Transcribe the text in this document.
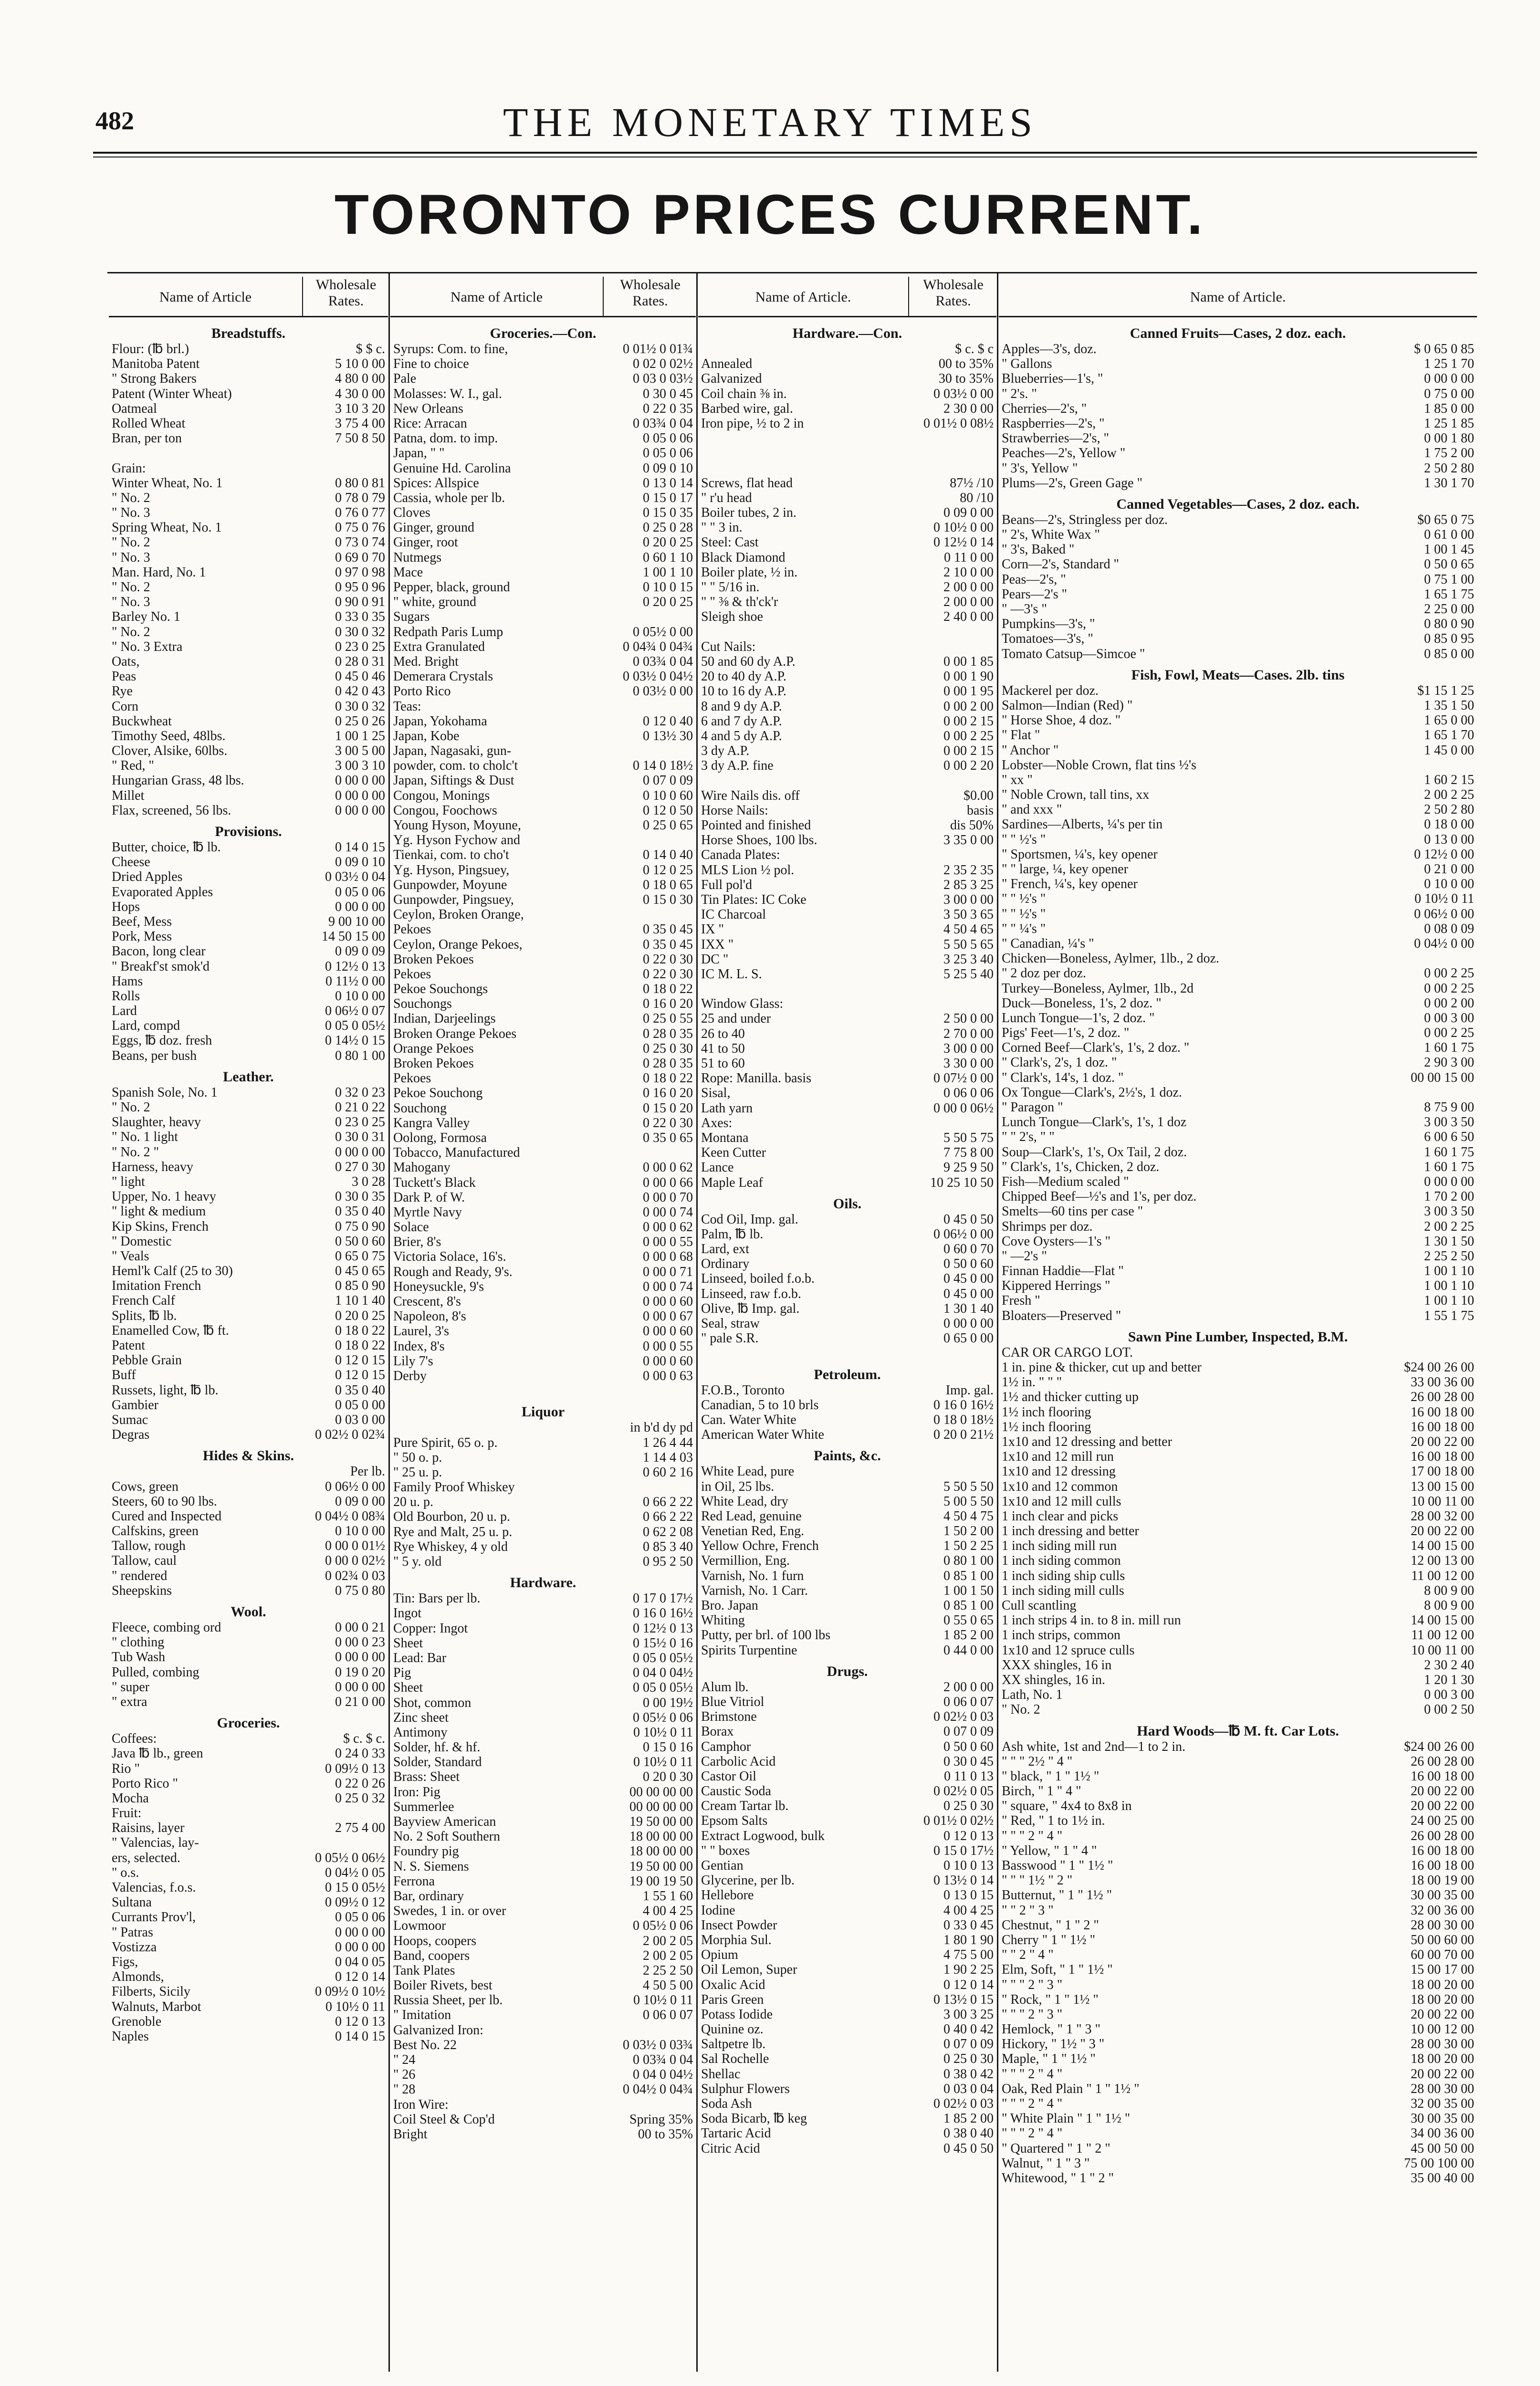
482	THE MONETARY TIMES
TORONTO PRICES CURRENT.
Name of Article
Wholesale Rates.
Breadstuffs.
Flour: (℔ brl.)	$ $ c.
Manitoba Patent	5 10 0 00
" Strong Bakers	4 80 0 00
Patent (Winter Wheat)	4 30 0 00
Oatmeal	3 10 3 20
Rolled Wheat	3 75 4 00
Bran, per ton	7 50 8 50
Grain:
Winter Wheat, No. 1	0 80 0 81
" No. 2	0 78 0 79
" No. 3	0 76 0 77
Spring Wheat, No. 1	0 75 0 76
" No. 2	0 73 0 74
" No. 3	0 69 0 70
Man. Hard, No. 1	0 97 0 98
" No. 2	0 95 0 96
" No. 3	0 90 0 91
Barley No. 1	0 33 0 35
" No. 2	0 30 0 32
" No. 3 Extra	0 23 0 25
Oats,	0 28 0 31
Peas	0 45 0 46
Rye	0 42 0 43
Corn	0 30 0 32
Buckwheat	0 25 0 26
Timothy Seed, 48lbs.	1 00 1 25
Clover, Alsike, 60lbs.	3 00 5 00
" Red, "	3 00 3 10
Hungarian Grass, 48 lbs.	0 00 0 00
Millet	0 00 0 00
Flax, screened, 56 lbs.	0 00 0 00
Provisions.
Butter, choice, ℔ lb.	0 14 0 15
Cheese	0 09 0 10
Dried Apples	0 03½ 0 04
Evaporated Apples	0 05 0 06
Hops	0 00 0 00
Beef, Mess	9 00 10 00
Pork, Mess	14 50 15 00
Bacon, long clear	0 09 0 09
" Breakf'st smok'd	0 12½ 0 13
Hams	0 11½ 0 00
Rolls	0 10 0 00
Lard	0 06½ 0 07
Lard, compd	0 05 0 05½
Eggs, ℔ doz. fresh	0 14½ 0 15
Beans, per bush	0 80 1 00
Leather.
Spanish Sole, No. 1	0 32 0 23
" No. 2	0 21 0 22
Slaughter, heavy	0 23 0 25
" No. 1 light	0 30 0 31
" No. 2 "	0 00 0 00
Harness, heavy	0 27 0 30
" light	3 0 28
Upper, No. 1 heavy	0 30 0 35
" light & medium	0 35 0 40
Kip Skins, French	0 75 0 90
" Domestic	0 50 0 60
" Veals	0 65 0 75
Heml'k Calf (25 to 30)	0 45 0 65
Imitation French	0 85 0 90
French Calf	1 10 1 40
Splits, ℔ lb.	0 20 0 25
Enamelled Cow, ℔ ft.	0 18 0 22
Patent	0 18 0 22
Pebble Grain	0 12 0 15
Buff	0 12 0 15
Russets, light, ℔ lb.	0 35 0 40
Gambier	0 05 0 00
Sumac	0 03 0 00
Degras	0 02½ 0 02¾
Hides & Skins.
Per lb.
Cows, green	0 06½ 0 00
Steers, 60 to 90 lbs.	0 09 0 00
Cured and Inspected	0 04½ 0 08¾
Calfskins, green	0 10 0 00
Tallow, rough	0 00 0 01½
Tallow, caul	0 00 0 02½
" rendered	0 02¾ 0 03
Sheepskins	0 75 0 80
Wool.
Fleece, combing ord	0 00 0 21
" clothing	0 00 0 23
Tub Wash	0 00 0 00
Pulled, combing	0 19 0 20
" super	0 00 0 00
" extra	0 21 0 00
Groceries.
Coffees:	$ c. $ c.
Java ℔ lb., green	0 24 0 33
Rio "	0 09½ 0 13
Porto Rico "	0 22 0 26
Mocha	0 25 0 32
Fruit:
Raisins, layer	2 75 4 00
" Valencias, lay-
ers, selected.	0 05½ 0 06½
" o.s.	0 04½ 0 05
Valencias, f.o.s.	0 15 0 05½
Sultana	0 09½ 0 12
Currants Prov'l,	0 05 0 06
" Patras	0 00 0 00
Vostizza	0 00 0 00
Figs,	0 04 0 05
Almonds,	0 12 0 14
Filberts, Sicily	0 09½ 0 10½
Walnuts, Marbot	0 10½ 0 11
Grenoble	0 12 0 13
Naples	0 14 0 15
Name of Article
Wholesale Rates.
Groceries.—Con.
Syrups: Com. to fine,	0 01½ 0 01¾
Fine to choice	0 02 0 02½
Pale	0 03 0 03½
Molasses: W. I., gal.	0 30 0 45
New Orleans	0 22 0 35
Rice: Arracan	0 03¾ 0 04
Patna, dom. to imp.	0 05 0 06
Japan, " "	0 05 0 06
Genuine Hd. Carolina	0 09 0 10
Spices: Allspice	0 13 0 14
Cassia, whole per lb.	0 15 0 17
Cloves	0 15 0 35
Ginger, ground	0 25 0 28
Ginger, root	0 20 0 25
Nutmegs	0 60 1 10
Mace	1 00 1 10
Pepper, black, ground	0 10 0 15
" white, ground	0 20 0 25
Sugars
Redpath Paris Lump	0 05½ 0 00
Extra Granulated	0 04¾ 0 04¾
Med. Bright	0 03¾ 0 04
Demerara Crystals	0 03½ 0 04½
Porto Rico	0 03½ 0 00
Teas:
Japan, Yokohama	0 12 0 40
Japan, Kobe	0 13½ 30
Japan, Nagasaki, gun-
powder, com. to cholc't	0 14 0 18½
Japan, Siftings & Dust	0 07 0 09
Congou, Monings	0 10 0 60
Congou, Foochows	0 12 0 50
Young Hyson, Moyune,	0 25 0 65
Yg. Hyson Fychow and
Tienkai, com. to cho't	0 14 0 40
Yg. Hyson, Pingsuey,	0 12 0 25
Gunpowder, Moyune	0 18 0 65
Gunpowder, Pingsuey,	0 15 0 30
Ceylon, Broken Orange,
Pekoes	0 35 0 45
Ceylon, Orange Pekoes,	0 35 0 45
Broken Pekoes	0 22 0 30
Pekoes	0 22 0 30
Pekoe Souchongs	0 18 0 22
Souchongs	0 16 0 20
Indian, Darjeelings	0 25 0 55
Broken Orange Pekoes	0 28 0 35
Orange Pekoes	0 25 0 30
Broken Pekoes	0 28 0 35
Pekoes	0 18 0 22
Pekoe Souchong	0 16 0 20
Souchong	0 15 0 20
Kangra Valley	0 22 0 30
Oolong, Formosa	0 35 0 65
Tobacco, Manufactured
Mahogany	0 00 0 62
Tuckett's Black	0 00 0 66
Dark P. of W.	0 00 0 70
Myrtle Navy	0 00 0 74
Solace	0 00 0 62
Brier, 8's	0 00 0 55
Victoria Solace, 16's.	0 00 0 68
Rough and Ready, 9's.	0 00 0 71
Honeysuckle, 9's	0 00 0 74
Crescent, 8's	0 00 0 60
Napoleon, 8's	0 00 0 67
Laurel, 3's	0 00 0 60
Index, 8's	0 00 0 55
Lily 7's	0 00 0 60
Derby	0 00 0 63
Liquor
in b'd dy pd
Pure Spirit, 65 o. p.	1 26 4 44
" 50 o. p.	1 14 4 03
" 25 u. p.	0 60 2 16
Family Proof Whiskey
20 u. p.	0 66 2 22
Old Bourbon, 20 u. p.	0 66 2 22
Rye and Malt, 25 u. p.	0 62 2 08
Rye Whiskey, 4 y old	0 85 3 40
" 5 y. old	0 95 2 50
Hardware.
Tin: Bars per lb.	0 17 0 17½
Ingot	0 16 0 16½
Copper: Ingot	0 12½ 0 13
Sheet	0 15½ 0 16
Lead: Bar	0 05 0 05½
Pig	0 04 0 04½
Sheet	0 05 0 05½
Shot, common	0 00 19½
Zinc sheet	0 05½ 0 06
Antimony	0 10½ 0 11
Solder, hf. & hf.	0 15 0 16
Solder, Standard	0 10½ 0 11
Brass: Sheet	0 20 0 30
Iron: Pig	00 00 00 00
Summerlee	00 00 00 00
Bayview American	19 50 00 00
No. 2 Soft Southern	18 00 00 00
Foundry pig	18 00 00 00
N. S. Siemens	19 50 00 00
Ferrona	19 00 19 50
Bar, ordinary	1 55 1 60
Swedes, 1 in. or over	4 00 4 25
Lowmoor	0 05½ 0 06
Hoops, coopers	2 00 2 05
Band, coopers	2 00 2 05
Tank Plates	2 25 2 50
Boiler Rivets, best	4 50 5 00
Russia Sheet, per lb.	0 10½ 0 11
" Imitation	0 06 0 07
Galvanized Iron:
Best No. 22	0 03½ 0 03¾
" 24	0 03¾ 0 04
" 26	0 04 0 04½
" 28	0 04½ 0 04¾
Iron Wire:
Coil Steel & Cop'd	Spring 35%
Bright	00 to 35%
Name of Article.
Wholesale Rates.
Hardware.—Con.
$ c. $ c
Annealed	00 to 35%
Galvanized	30 to 35%
Coil chain ⅜ in.	0 03½ 0 00
Barbed wire, gal.	2 30 0 00
Iron pipe, ½ to 2 in	0 01½ 0 08½
Screws, flat head	87½ /10
" r'u head	80 /10
Boiler tubes, 2 in.	0 09 0 00
" " 3 in.	0 10½ 0 00
Steel: Cast	0 12½ 0 14
Black Diamond	0 11 0 00
Boiler plate, ½ in.	2 10 0 00
" " 5/16 in.	2 00 0 00
" " ⅜ & th'ck'r	2 00 0 00
Sleigh shoe	2 40 0 00
Cut Nails:
50 and 60 dy A.P.	0 00 1 85
20 to 40 dy A.P.	0 00 1 90
10 to 16 dy A.P.	0 00 1 95
8 and 9 dy A.P.	0 00 2 00
6 and 7 dy A.P.	0 00 2 15
4 and 5 dy A.P.	0 00 2 25
3 dy A.P.	0 00 2 15
3 dy A.P. fine	0 00 2 20
Wire Nails dis. off	$0.00
Horse Nails:	basis
Pointed and finished	dis 50%
Horse Shoes, 100 lbs.	3 35 0 00
Canada Plates:
MLS Lion ½ pol.	2 35 2 35
Full pol'd	2 85 3 25
Tin Plates: IC Coke	3 00 0 00
IC Charcoal	3 50 3 65
IX "	4 50 4 65
IXX "	5 50 5 65
DC "	3 25 3 40
IC M. L. S.	5 25 5 40
Window Glass:
25 and under	2 50 0 00
26 to 40	2 70 0 00
41 to 50	3 00 0 00
51 to 60	3 30 0 00
Rope: Manilla. basis	0 07½ 0 00
Sisal,	0 06 0 06
Lath yarn	0 00 0 06½
Axes:
Montana	5 50 5 75
Keen Cutter	7 75 8 00
Lance	9 25 9 50
Maple Leaf	10 25 10 50
Oils.
Cod Oil, Imp. gal.	0 45 0 50
Palm, ℔ lb.	0 06½ 0 00
Lard, ext	0 60 0 70
Ordinary	0 50 0 60
Linseed, boiled f.o.b.	0 45 0 00
Linseed, raw f.o.b.	0 45 0 00
Olive, ℔ Imp. gal.	1 30 1 40
Seal, straw	0 00 0 00
" pale S.R.	0 65 0 00
Petroleum.
F.O.B., Toronto	Imp. gal.
Canadian, 5 to 10 brls	0 16 0 16½
Can. Water White	0 18 0 18½
American Water White	0 20 0 21½
Paints, &c.
White Lead, pure
in Oil, 25 lbs.	5 50 5 50
White Lead, dry	5 00 5 50
Red Lead, genuine	4 50 4 75
Venetian Red, Eng.	1 50 2 00
Yellow Ochre, French	1 50 2 25
Vermillion, Eng.	0 80 1 00
Varnish, No. 1 furn	0 85 1 00
Varnish, No. 1 Carr.	1 00 1 50
Bro. Japan	0 85 1 00
Whiting	0 55 0 65
Putty, per brl. of 100 lbs	1 85 2 00
Spirits Turpentine	0 44 0 00
Drugs.
Alum lb.	2 00 0 00
Blue Vitriol	0 06 0 07
Brimstone	0 02½ 0 03
Borax	0 07 0 09
Camphor	0 50 0 60
Carbolic Acid	0 30 0 45
Castor Oil	0 11 0 13
Caustic Soda	0 02½ 0 05
Cream Tartar lb.	0 25 0 30
Epsom Salts	0 01½ 0 02½
Extract Logwood, bulk	0 12 0 13
" " boxes	0 15 0 17½
Gentian	0 10 0 13
Glycerine, per lb.	0 13½ 0 14
Hellebore	0 13 0 15
Iodine	4 00 4 25
Insect Powder	0 33 0 45
Morphia Sul.	1 80 1 90
Opium	4 75 5 00
Oil Lemon, Super	1 90 2 25
Oxalic Acid	0 12 0 14
Paris Green	0 13½ 0 15
Potass Iodide	3 00 3 25
Quinine oz.	0 40 0 42
Saltpetre lb.	0 07 0 09
Sal Rochelle	0 25 0 30
Shellac	0 38 0 42
Sulphur Flowers	0 03 0 04
Soda Ash	0 02½ 0 03
Soda Bicarb, ℔ keg	1 85 2 00
Tartaric Acid	0 38 0 40
Citric Acid	0 45 0 50
Name of Article.
Canned Fruits—Cases, 2 doz. each.
Apples—3's, doz.	$ 0 65 0 85
" Gallons	1 25 1 70
Blueberries—1's, "	0 00 0 00
" 2's. "	0 75 0 00
Cherries—2's, "	1 85 0 00
Raspberries—2's, "	1 25 1 85
Strawberries—2's, "	0 00 1 80
Peaches—2's, Yellow "	1 75 2 00
" 3's, Yellow "	2 50 2 80
Plums—2's, Green Gage "	1 30 1 70
Canned Vegetables—Cases, 2 doz. each.
Beans—2's, Stringless per doz.	$0 65 0 75
" 2's, White Wax "	0 61 0 00
" 3's, Baked "	1 00 1 45
Corn—2's, Standard "	0 50 0 65
Peas—2's, "	0 75 1 00
Pears—2's "	1 65 1 75
" —3's "	2 25 0 00
Pumpkins—3's, "	0 80 0 90
Tomatoes—3's, "	0 85 0 95
Tomato Catsup—Simcoe "	0 85 0 00
Fish, Fowl, Meats—Cases. 2lb. tins
Mackerel per doz.	$1 15 1 25
Salmon—Indian (Red) "	1 35 1 50
" Horse Shoe, 4 doz. "	1 65 0 00
" Flat "	1 65 1 70
" Anchor "	1 45 0 00
Lobster—Noble Crown, flat tins ½'s
" xx "	1 60 2 15
" Noble Crown, tall tins, xx	2 00 2 25
" and xxx "	2 50 2 80
Sardines—Alberts, ¼'s per tin	0 18 0 00
" " ½'s "	0 13 0 00
" Sportsmen, ¼'s, key opener	0 12½ 0 00
" " large, ¼, key opener	0 21 0 00
" French, ¼'s, key opener	0 10 0 00
" " ½'s "	0 10½ 0 11
" " ½'s "	0 06½ 0 00
" " ¼'s "	0 08 0 09
" Canadian, ¼'s "	0 04½ 0 00
Chicken—Boneless, Aylmer, 1lb., 2 doz.
" 2 doz per doz.	0 00 2 25
Turkey—Boneless, Aylmer, 1lb., 2d	0 00 2 25
Duck—Boneless, 1's, 2 doz. "	0 00 2 00
Lunch Tongue—1's, 2 doz. "	0 00 3 00
Pigs' Feet—1's, 2 doz. "	0 00 2 25
Corned Beef—Clark's, 1's, 2 doz. "	1 60 1 75
" Clark's, 2's, 1 doz. "	2 90 3 00
" Clark's, 14's, 1 doz. "	00 00 15 00
Ox Tongue—Clark's, 2½'s, 1 doz.
" Paragon "	8 75 9 00
Lunch Tongue—Clark's, 1's, 1 doz	3 00 3 50
" " 2's, " "	6 00 6 50
Soup—Clark's, 1's, Ox Tail, 2 doz.	1 60 1 75
" Clark's, 1's, Chicken, 2 doz.	1 60 1 75
Fish—Medium scaled "	0 00 0 00
Chipped Beef—½'s and 1's, per doz.	1 70 2 00
Smelts—60 tins per case "	3 00 3 50
Shrimps per doz.	2 00 2 25
Cove Oysters—1's "	1 30 1 50
" —2's "	2 25 2 50
Finnan Haddie—Flat "	1 00 1 10
Kippered Herrings "	1 00 1 10
Fresh "	1 00 1 10
Bloaters—Preserved "	1 55 1 75
Sawn Pine Lumber, Inspected, B.M.
CAR OR CARGO LOT.
1 in. pine & thicker, cut up and better	$24 00 26 00
1½ in. " " "	33 00 36 00
1½ and thicker cutting up	26 00 28 00
1½ inch flooring	16 00 18 00
1½ inch flooring	16 00 18 00
1x10 and 12 dressing and better	20 00 22 00
1x10 and 12 mill run	16 00 18 00
1x10 and 12 dressing	17 00 18 00
1x10 and 12 common	13 00 15 00
1x10 and 12 mill culls	10 00 11 00
1 inch clear and picks	28 00 32 00
1 inch dressing and better	20 00 22 00
1 inch siding mill run	14 00 15 00
1 inch siding common	12 00 13 00
1 inch siding ship culls	11 00 12 00
1 inch siding mill culls	8 00 9 00
Cull scantling	8 00 9 00
1 inch strips 4 in. to 8 in. mill run	14 00 15 00
1 inch strips, common	11 00 12 00
1x10 and 12 spruce culls	10 00 11 00
XXX shingles, 16 in	2 30 2 40
XX shingles, 16 in.	1 20 1 30
Lath, No. 1	0 00 3 00
" No. 2	0 00 2 50
Hard Woods—℔ M. ft. Car Lots.
Ash white, 1st and 2nd—1 to 2 in.	$24 00 26 00
" " " 2½ " 4 "	26 00 28 00
" black, " 1 " 1½ "	16 00 18 00
Birch, " 1 " 4 "	20 00 22 00
" square, " 4x4 to 8x8 in	20 00 22 00
" Red, " 1 to 1½ in.	24 00 25 00
" " " 2 " 4 "	26 00 28 00
" Yellow, " 1 " 4 "	16 00 18 00
Basswood " 1 " 1½ "	16 00 18 00
" " " 1½ " 2 "	18 00 19 00
Butternut, " 1 " 1½ "	30 00 35 00
" " 2 " 3 "	32 00 36 00
Chestnut, " 1 " 2 "	28 00 30 00
Cherry " 1 " 1½ "	50 00 60 00
" " 2 " 4 "	60 00 70 00
Elm, Soft, " 1 " 1½ "	15 00 17 00
" " " 2 " 3 "	18 00 20 00
" Rock, " 1 " 1½ "	18 00 20 00
" " " 2 " 3 "	20 00 22 00
Hemlock, " 1 " 3 "	10 00 12 00
Hickory, " 1½ " 3 "	28 00 30 00
Maple, " 1 " 1½ "	18 00 20 00
" " " 2 " 4 "	20 00 22 00
Oak, Red Plain " 1 " 1½ "	28 00 30 00
" " " 2 " 4 "	32 00 35 00
" White Plain " 1 " 1½ "	30 00 35 00
" " " 2 " 4 "	34 00 36 00
" Quartered " 1 " 2 "	45 00 50 00
Walnut, " 1 " 3 "	75 00 100 00
Whitewood, " 1 " 2 "	35 00 40 00
